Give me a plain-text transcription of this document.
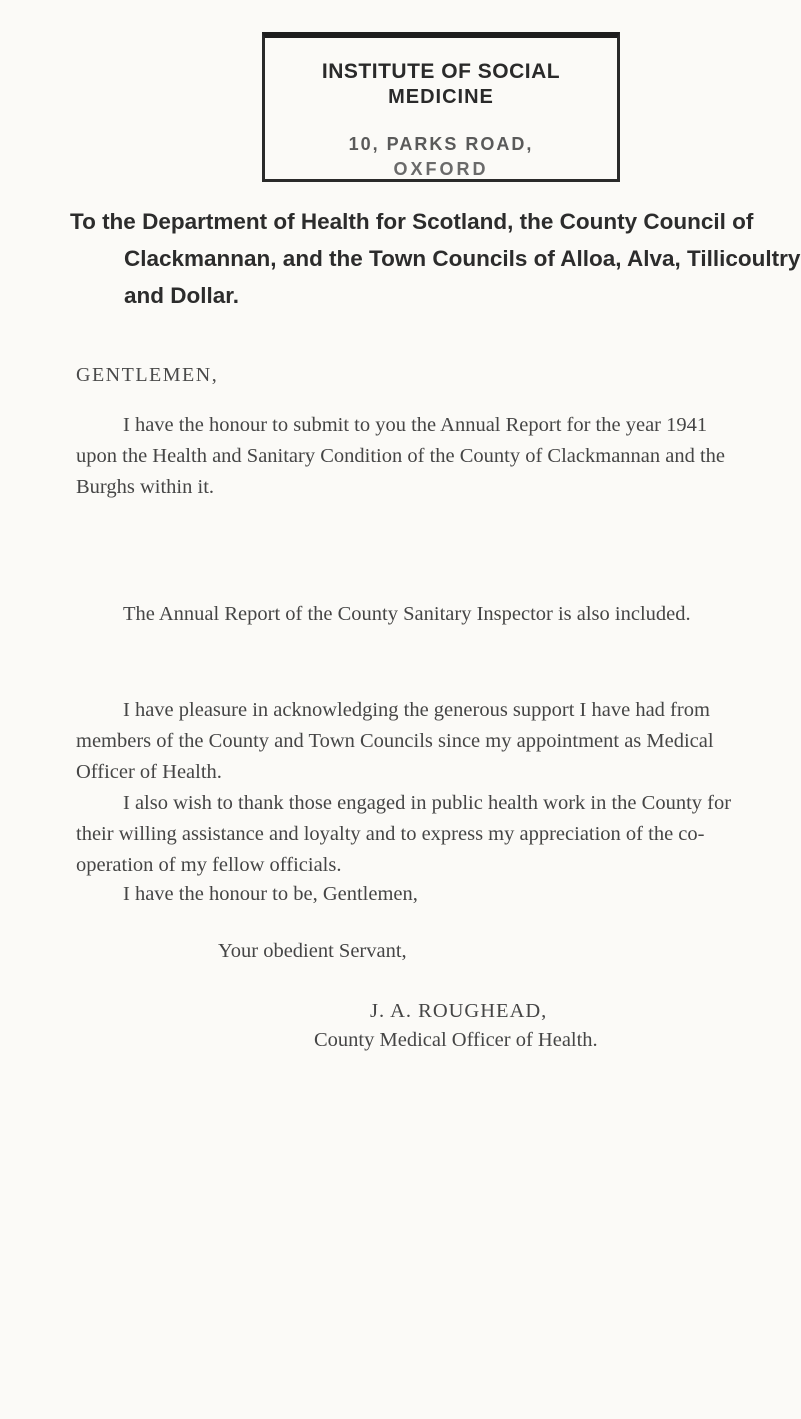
INSTITUTE OF SOCIAL
MEDICINE
10, PARKS ROAD,
OXFORD
To the Department of Health for Scotland, the County Council of Clackmannan, and the Town Councils of Alloa, Alva, Tillicoultry and Dollar.
GENTLEMEN,
I have the honour to submit to you the Annual Report for the year 1941 upon the Health and Sanitary Condition of the County of Clackmannan and the Burghs within it.
The Annual Report of the County Sanitary Inspector is also included.
I have pleasure in acknowledging the generous support I have had from members of the County and Town Councils since my appointment as Medical Officer of Health.
I also wish to thank those engaged in public health work in the County for their willing assistance and loyalty and to express my appreciation of the co-operation of my fellow officials.
I have the honour to be, Gentlemen,
Your obedient Servant,
J. A. ROUGHEAD,
County Medical Officer of Health.
